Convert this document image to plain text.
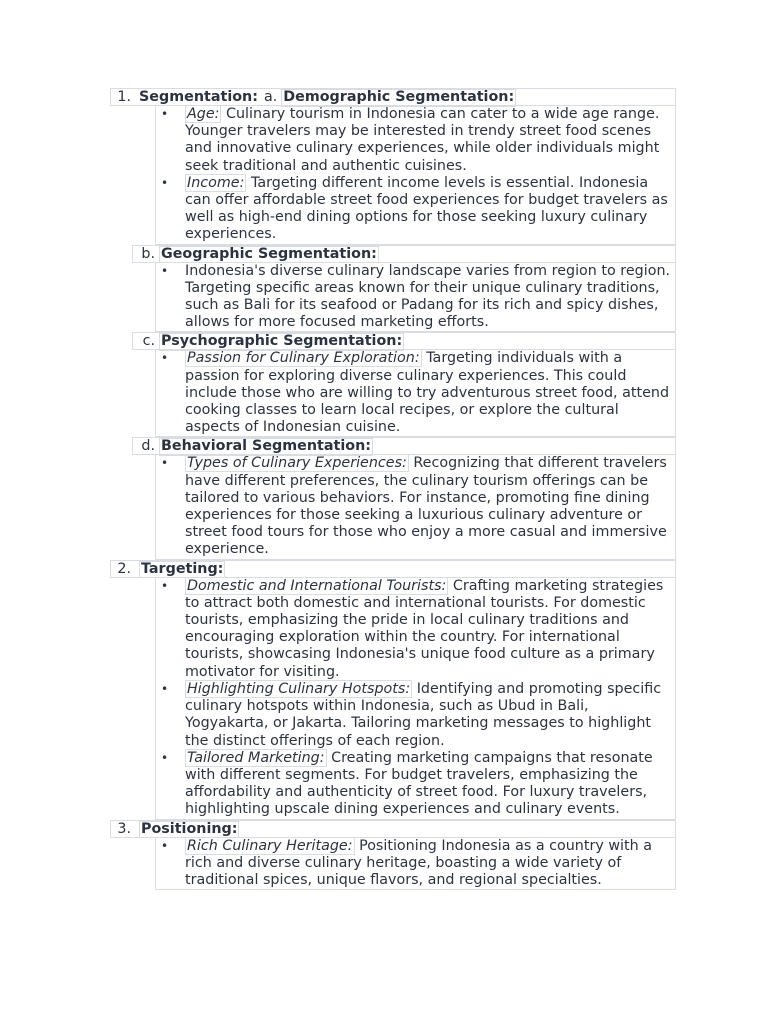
1. Segmentation: a. Demographic Segmentation:
• Age: Culinary tourism in Indonesia can cater to a wide age range. Younger travelers may be interested in trendy street food scenes and innovative culinary experiences, while older individuals might seek traditional and authentic cuisines.
• Income: Targeting different income levels is essential. Indonesia can offer affordable street food experiences for budget travelers as well as high-end dining options for those seeking luxury culinary experiences.
b. Geographic Segmentation:
• Indonesia's diverse culinary landscape varies from region to region. Targeting specific areas known for their unique culinary traditions, such as Bali for its seafood or Padang for its rich and spicy dishes, allows for more focused marketing efforts.
c. Psychographic Segmentation:
• Passion for Culinary Exploration: Targeting individuals with a passion for exploring diverse culinary experiences. This could include those who are willing to try adventurous street food, attend cooking classes to learn local recipes, or explore the cultural aspects of Indonesian cuisine.
d. Behavioral Segmentation:
• Types of Culinary Experiences: Recognizing that different travelers have different preferences, the culinary tourism offerings can be tailored to various behaviors. For instance, promoting fine dining experiences for those seeking a luxurious culinary adventure or street food tours for those who enjoy a more casual and immersive experience.
2. Targeting:
• Domestic and International Tourists: Crafting marketing strategies to attract both domestic and international tourists. For domestic tourists, emphasizing the pride in local culinary traditions and encouraging exploration within the country. For international tourists, showcasing Indonesia's unique food culture as a primary motivator for visiting.
• Highlighting Culinary Hotspots: Identifying and promoting specific culinary hotspots within Indonesia, such as Ubud in Bali, Yogyakarta, or Jakarta. Tailoring marketing messages to highlight the distinct offerings of each region.
• Tailored Marketing: Creating marketing campaigns that resonate with different segments. For budget travelers, emphasizing the affordability and authenticity of street food. For luxury travelers, highlighting upscale dining experiences and culinary events.
3. Positioning:
• Rich Culinary Heritage: Positioning Indonesia as a country with a rich and diverse culinary heritage, boasting a wide variety of traditional spices, unique flavors, and regional specialties.
